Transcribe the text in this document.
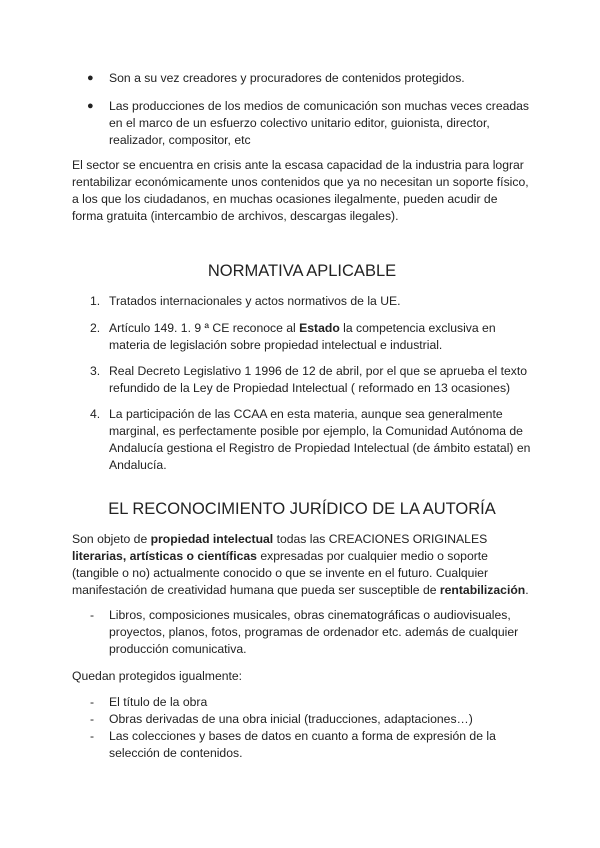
●	Son a su vez creadores y procuradores de contenidos protegidos.
●	Las producciones de los medios de comunicación son muchas veces creadas en el marco de un esfuerzo colectivo unitario editor, guionista, director, realizador, compositor, etc

El sector se encuentra en crisis ante la escasa capacidad de la industria para lograr rentabilizar económicamente unos contenidos que ya no necesitan un soporte físico, a los que los ciudadanos, en muchas ocasiones ilegalmente, pueden acudir de forma gratuita (intercambio de archivos, descargas ilegales).

NORMATIVA APLICABLE
1. Tratados internacionales y actos normativos de la UE.
2. Artículo 149. 1. 9 ª CE reconoce al Estado la competencia exclusiva en materia de legislación sobre propiedad intelectual e industrial.
3. Real Decreto Legislativo 1 1996 de 12 de abril, por el que se aprueba el texto refundido de la Ley de Propiedad Intelectual ( reformado en 13 ocasiones)
4. La participación de las CCAA en esta materia, aunque sea generalmente marginal, es perfectamente posible por ejemplo, la Comunidad Autónoma de Andalucía gestiona el Registro de Propiedad Intelectual (de ámbito estatal) en Andalucía.
EL RECONOCIMIENTO JURÍDICO DE LA AUTORÍA

Son objeto de propiedad intelectual todas las CREACIONES ORIGINALES literarias, artísticas o científicas expresadas por cualquier medio o soporte (tangible o no) actualmente conocido o que se invente en el futuro. Cualquier manifestación de creatividad humana que pueda ser susceptible de rentabilización.

-	Libros, composiciones musicales, obras cinematográficas o audiovisuales, proyectos, planos, fotos, programas de ordenador etc. además de cualquier producción comunicativa.

Quedan protegidos igualmente:

-	El título de la obra
-	Obras derivadas de una obra inicial (traducciones, adaptaciones…)
-	Las colecciones y bases de datos en cuanto a forma de expresión de la selección de contenidos.
